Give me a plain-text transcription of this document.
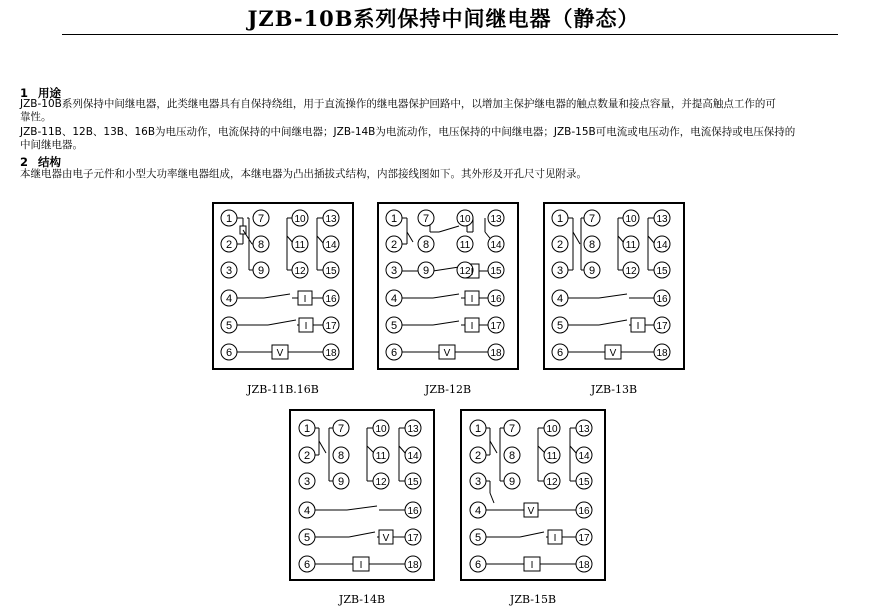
JZB-10B系列保持中间继电器（静态）
1 用途
JZB-10B系列保持中间继电器，此类继电器具有自保持绕组，用于直流操作的继电器保护回路中，以增加主保护继电器的触点数量和接点容量，并提高触点工作的可
靠性。
JZB-11B、12B、13B、16B为电压动作，电流保持的中间继电器；JZB-14B为电流动作，电压保持的中间继电器；JZB-15B可电流或电压动作，电流保持或电压保持的
中间继电器。
2 结构
本继电器由电子元件和小型大功率继电器组成，本继电器为凸出插拔式结构，内部接线图如下。其外形及开孔尺寸见附录。
1
2
3
4
5
6
7
8
9
10
11
12
13
14
15
16
17
18
I
I
V
JZB-11B.16B
1
2
3
4
5
6
7
8
9
10
11
12
13
14
15
16
17
18
I
I
I
V
JZB-12B
1
2
3
4
5
6
7
8
9
10
11
12
13
14
15
16
17
18
I
V
JZB-13B
1
2
3
4
5
6
7
8
9
10
11
12
13
14
15
16
17
18
V
I
JZB-14B
1
2
3
4
5
6
7
8
9
10
11
12
13
14
15
16
17
18
V
I
I
JZB-15B
